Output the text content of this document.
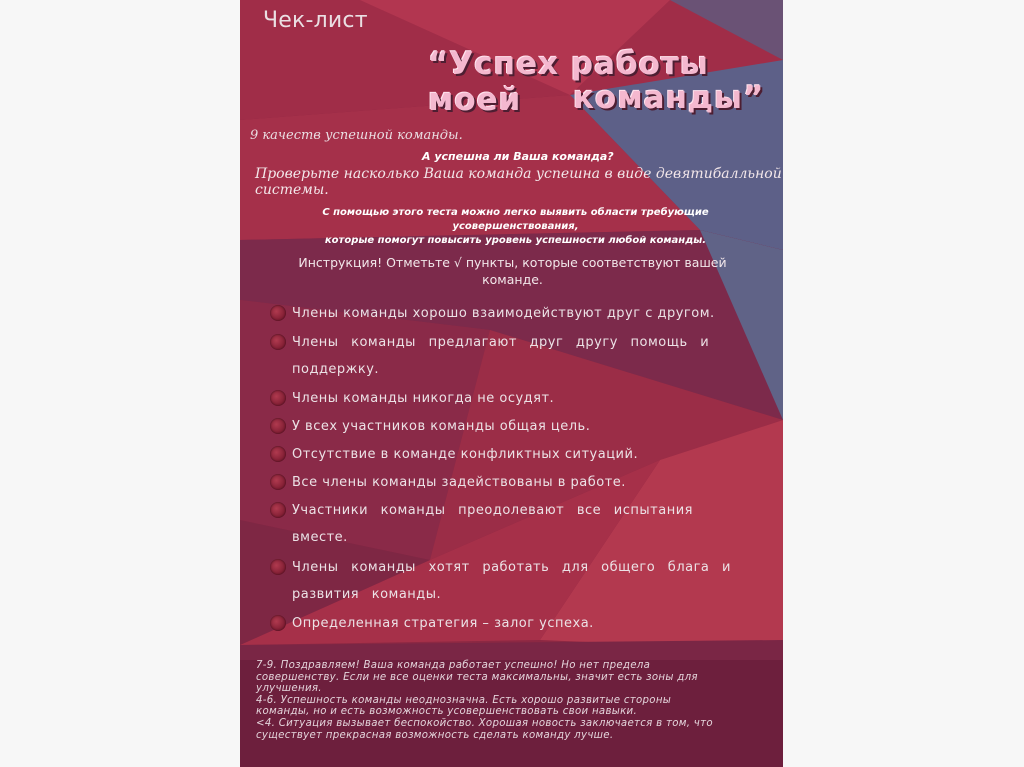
Чек-лист
“Успех работы моей	команды”
9 качеств успешной команды.
А успешна ли Ваша команда?
Проверьте насколько Ваша команда успешна в виде девятибалльной системы.
С помощью этого теста можно легко выявить области требующие усовершенствования,
которые помогут повысить уровень успешности любой команды.
Инструкция! Отметьте √ пункты, которые соответствуют вашей
команде.
Члены команды хорошо взаимодействуют друг с другом.
Члены команды предлагают друг другу помощь и
поддержку.
Члены команды никогда не осудят.
У всех участников команды общая цель.
Отсутствие в команде конфликтных ситуаций.
Все члены команды задействованы в работе.
Участники команды преодолевают все испытания
вместе.
Члены команды хотят работать для общего блага и
развития команды.
Определенная стратегия – залог успеха.
7-9. Поздравляем! Ваша команда работает успешно! Но нет предела
совершенству. Если не все оценки теста максимальны, значит есть зоны для
улучшения.
4-6. Успешность команды неоднозначна. Есть хорошо развитые стороны
команды, но и есть возможность усовершенствовать свои навыки.
<4. Ситуация вызывает беспокойство. Хорошая новость заключается в том, что
существует прекрасная возможность сделать команду лучше.
